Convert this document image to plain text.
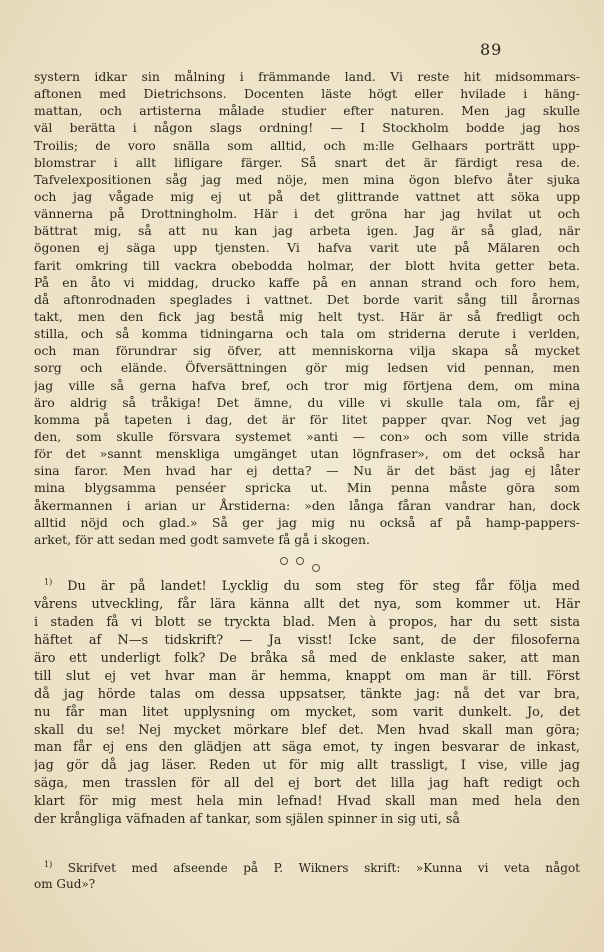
89
systern idkar sin målning i främmande land. Vi reste hit midsommars-
aftonen med Dietrichsons. Docenten läste högt eller hvilade i häng-
mattan, och artisterna målade studier efter naturen. Men jag skulle
väl berätta i någon slags ordning! — I Stockholm bodde jag hos
Troilis; de voro snälla som alltid, och m:lle Gelhaars porträtt upp-
blomstrar i allt lifligare färger. Så snart det är färdigt resa de.
Tafvelexpositionen såg jag med nöje, men mina ögon blefvo åter sjuka
och jag vågade mig ej ut på det glittrande vattnet att söka upp
vännerna på Drottningholm. Här i det gröna har jag hvilat ut och
bättrat mig, så att nu kan jag arbeta igen. Jag är så glad, när
ögonen ej säga upp tjensten. Vi hafva varit ute på Mälaren och
farit omkring till vackra obebodda holmar, der blott hvita getter beta.
På en åto vi middag, drucko kaffe på en annan strand och foro hem,
då aftonrodnaden speglades i vattnet. Det borde varit sång till årornas
takt, men den fick jag bestå mig helt tyst. Här är så fredligt och
stilla, och så komma tidningarna och tala om striderna derute i verlden,
och man förundrar sig öfver, att menniskorna vilja skapa så mycket
sorg och elände. Öfversättningen gör mig ledsen vid pennan, men
jag ville så gerna hafva bref, och tror mig förtjena dem, om mina
äro aldrig så tråkiga! Det ämne, du ville vi skulle tala om, får ej
komma på tapeten i dag, det är för litet papper qvar. Nog vet jag
den, som skulle försvara systemet »anti — con» och som ville strida
för det »sannt menskliga umgänget utan lögnfraser», om det också har
sina faror. Men hvad har ej detta? — Nu är det bäst jag ej låter
mina blygsamma penséer spricka ut. Min penna måste göra som
åkermannen i arian ur Årstiderna: »den långa fåran vandrar han, dock
alltid nöjd och glad.» Så ger jag mig nu också af på hamp-pappers-
arket, för att sedan med godt samvete få gå i skogen.
$^{1)}$ Du är på landet! Lycklig du som steg för steg får följa med
vårens utveckling, får lära känna allt det nya, som kommer ut. Här
i staden få vi blott se tryckta blad. Men à propos, har du sett sista
häftet af N—s tidskrift? — Ja visst! Icke sant, de der filosoferna
äro ett underligt folk? De bråka så med de enklaste saker, att man
till slut ej vet hvar man är hemma, knappt om man är till. Först
då jag hörde talas om dessa uppsatser, tänkte jag: nå det var bra,
nu får man litet upplysning om mycket, som varit dunkelt. Jo, det
skall du se! Nej mycket mörkare blef det. Men hvad skall man göra;
man får ej ens den glädjen att säga emot, ty ingen besvarar de inkast,
jag gör då jag läser. Reden ut för mig allt trassligt, I vise, ville jag
säga, men trasslen för all del ej bort det lilla jag haft redigt och
klart för mig mest hela min lefnad! Hvad skall man med hela den
der krångliga väfnaden af tankar, som själen spinner in sig uti, så
$^{1)}$ Skrifvet med afseende på P. Wikners skrift: »Kunna vi veta något
om Gud»?
